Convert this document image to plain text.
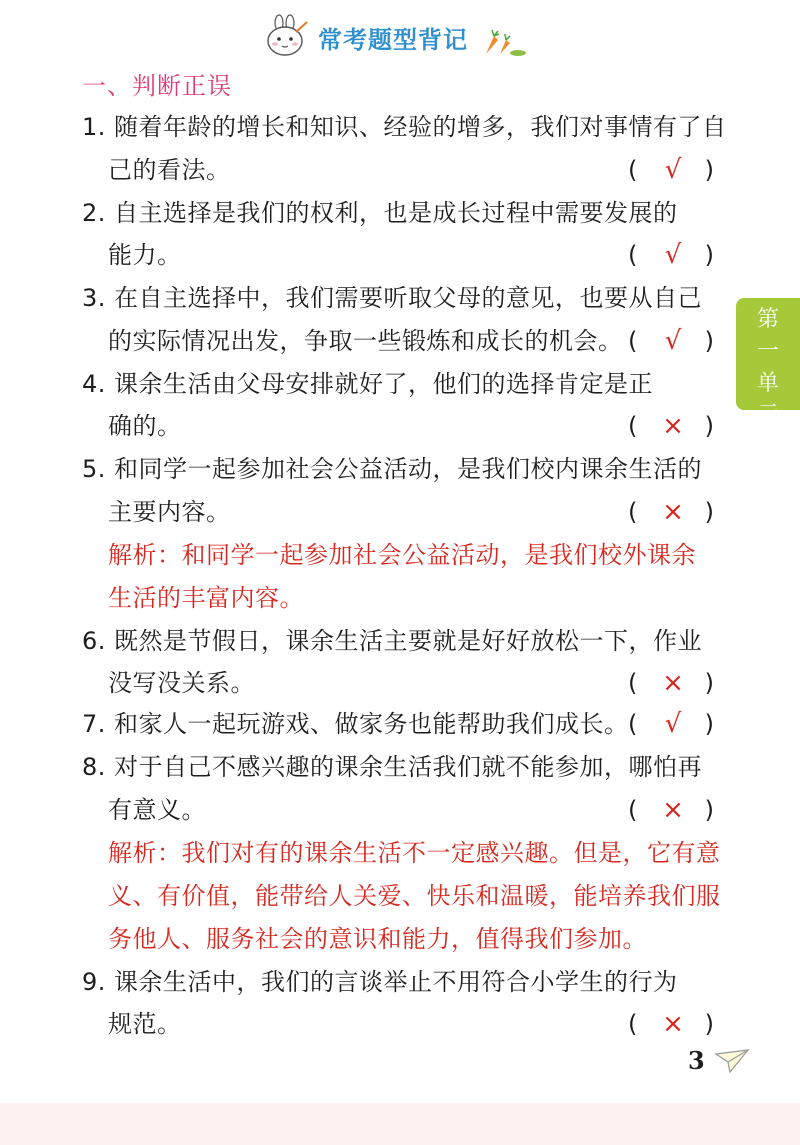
常考题型背记
一、判断正误
第一单元
1. 随着年龄的增长和知识、经验的增多，我们对事情有了自
己的看法。	(	√ )
2. 自主选择是我们的权利，也是成长过程中需要发展的
能力。	(	√ )
3. 在自主选择中，我们需要听取父母的意见，也要从自己
的实际情况出发，争取一些锻炼和成长的机会。 (	√ )
4. 课余生活由父母安排就好了，他们的选择肯定是正
确的。	( × )
5. 和同学一起参加社会公益活动，是我们校内课余生活的
主要内容。	( × )
解析：和同学一起参加社会公益活动，是我们校外课余
生活的丰富内容。
6. 既然是节假日，课余生活主要就是好好放松一下，作业
没写没关系。	( × )
7. 和家人一起玩游戏、做家务也能帮助我们成长。 (	√ )
8. 对于自己不感兴趣的课余生活我们就不能参加，哪怕再
有意义。	( × )
解析：我们对有的课余生活不一定感兴趣。但是，它有意
义、有价值，能带给人关爱、快乐和温暖，能培养我们服
务他人、服务社会的意识和能力，值得我们参加。
9. 课余生活中，我们的言谈举止不用符合小学生的行为
规范。	( × )
3
